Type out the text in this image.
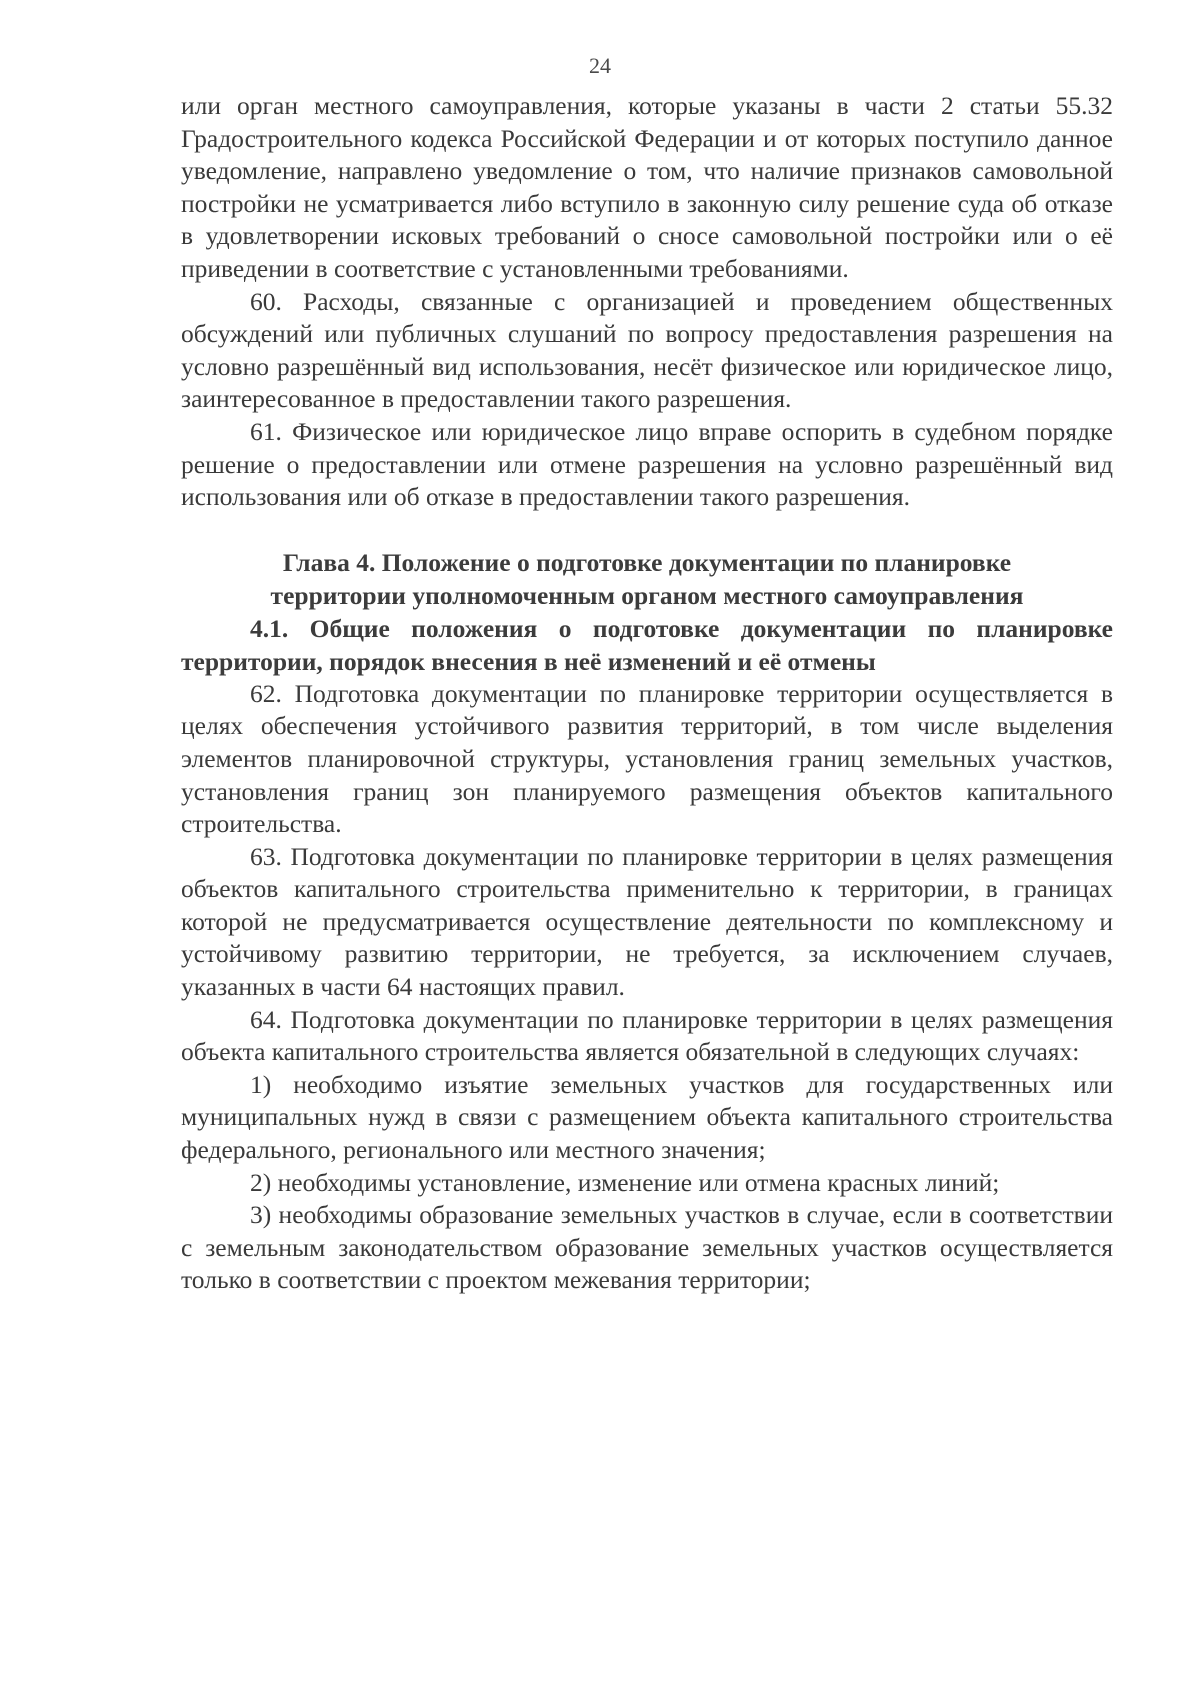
24

или орган местного самоуправления, которые указаны в части 2 статьи 55.32 Градостроительного кодекса Российской Федерации и от которых поступило данное уведомление, направлено уведомление о том, что наличие признаков самовольной постройки не усматривается либо вступило в законную силу решение суда об отказе в удовлетворении исковых требований о сносе самовольной постройки или о её приведении в соответствие с установленными требованиями.

60. Расходы, связанные с организацией и проведением общественных обсуждений или публичных слушаний по вопросу предоставления разрешения на условно разрешённый вид использования, несёт физическое или юридическое лицо, заинтересованное в предоставлении такого разрешения.

61. Физическое или юридическое лицо вправе оспорить в судебном порядке решение о предоставлении или отмене разрешения на условно разрешённый вид использования или об отказе в предоставлении такого разрешения.

Глава 4. Положение о подготовке документации по планировке
территории уполномоченным органом местного самоуправления

4.1. Общие положения о подготовке документации по планировке территории, порядок внесения в неё изменений и её отмены

62. Подготовка документации по планировке территории осуществляется в целях обеспечения устойчивого развития территорий, в том числе выделения элементов планировочной структуры, установления границ земельных участков, установления границ зон планируемого размещения объектов капитального строительства.

63. Подготовка документации по планировке территории в целях размещения объектов капитального строительства применительно к территории, в границах которой не предусматривается осуществление деятельности по комплексному и устойчивому развитию территории, не требуется, за исключением случаев, указанных в части 64 настоящих правил.

64. Подготовка документации по планировке территории в целях размещения объекта капитального строительства является обязательной в следующих случаях:

1) необходимо изъятие земельных участков для государственных или муниципальных нужд в связи с размещением объекта капитального строительства федерального, регионального или местного значения;

2) необходимы установление, изменение или отмена красных линий;

3) необходимы образование земельных участков в случае, если в соответствии с земельным законодательством образование земельных участков осуществляется только в соответствии с проектом межевания территории;
